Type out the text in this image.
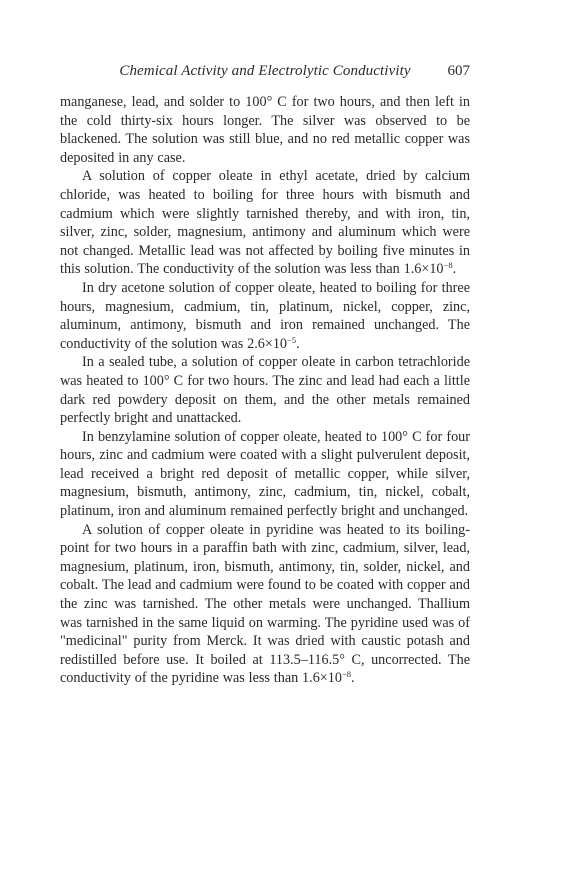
Chemical Activity and Electrolytic Conductivity	607

manganese, lead, and solder to 100° C for two hours, and then left in the cold thirty-six hours longer. The silver was observed to be blackened. The solution was still blue, and no red metallic copper was deposited in any case.

A solution of copper oleate in ethyl acetate, dried by calcium chloride, was heated to boiling for three hours with bismuth and cadmium which were slightly tarnished thereby, and with iron, tin, silver, zinc, solder, magnesium, antimony and aluminum which were not changed. Metallic lead was not affected by boiling five minutes in this solution. The conductivity of the solution was less than $1.6\times 10^{-8}$.

In dry acetone solution of copper oleate, heated to boiling for three hours, magnesium, cadmium, tin, platinum, nickel, copper, zinc, aluminum, antimony, bismuth and iron remained unchanged. The conductivity of the solution was $2.6\times 10^{-5}$.

In a sealed tube, a solution of copper oleate in carbon tetrachloride was heated to 100° C for two hours. The zinc and lead had each a little dark red powdery deposit on them, and the other metals remained perfectly bright and unattacked.

In benzylamine solution of copper oleate, heated to 100° C for four hours, zinc and cadmium were coated with a slight pulverulent deposit, lead received a bright red deposit of metallic copper, while silver, magnesium, bismuth, antimony, zinc, cadmium, tin, nickel, cobalt, platinum, iron and aluminum remained perfectly bright and unchanged.

A solution of copper oleate in pyridine was heated to its boiling-point for two hours in a paraffin bath with zinc, cadmium, silver, lead, magnesium, platinum, iron, bismuth, antimony, tin, solder, nickel, and cobalt. The lead and cadmium were found to be coated with copper and the zinc was tarnished. The other metals were unchanged. Thallium was tarnished in the same liquid on warming. The pyridine used was of "medicinal" purity from Merck. It was dried with caustic potash and redistilled before use. It boiled at 113.5–116.5° C, uncorrected. The conductivity of the pyridine was less than $1.6\times 10^{-8}$.
